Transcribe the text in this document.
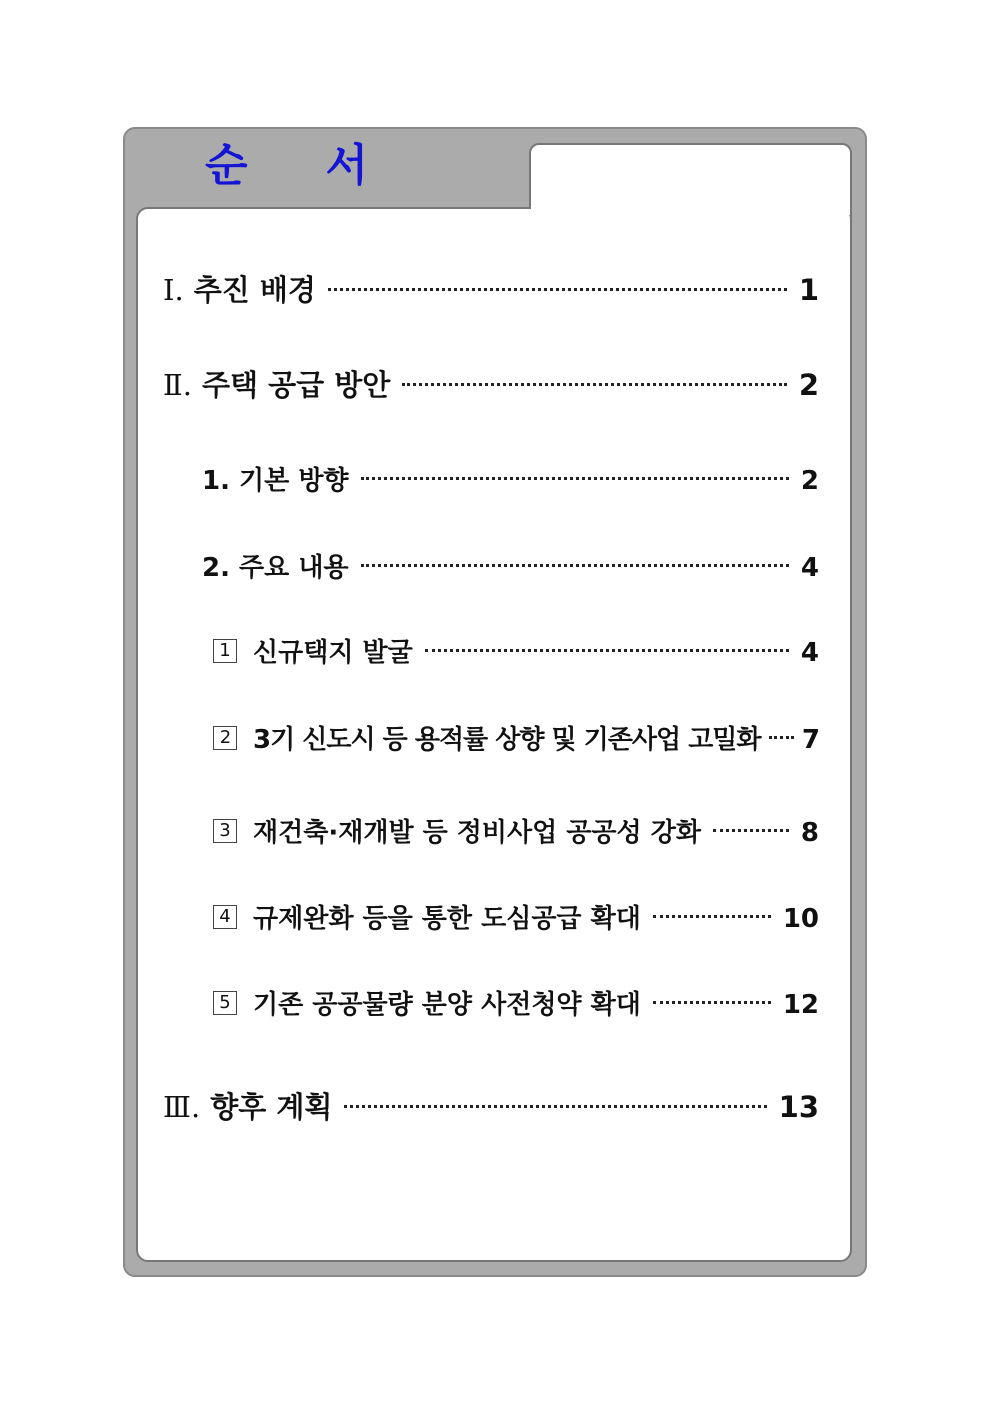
순서
Ⅰ. 추진 배경	1
Ⅱ. 주택 공급 방안	2
1. 기본 방향	2
2. 주요 내용	4
1 신규택지 발굴	4
2 3기 신도시 등 용적률 상향 및 기존사업 고밀화 7
3 재건축·재개발 등 정비사업 공공성 강화	8
4 규제완화 등을 통한 도심공급 확대	10
5 기존 공공물량 분양 사전청약 확대	12
Ⅲ. 향후 계획	13
